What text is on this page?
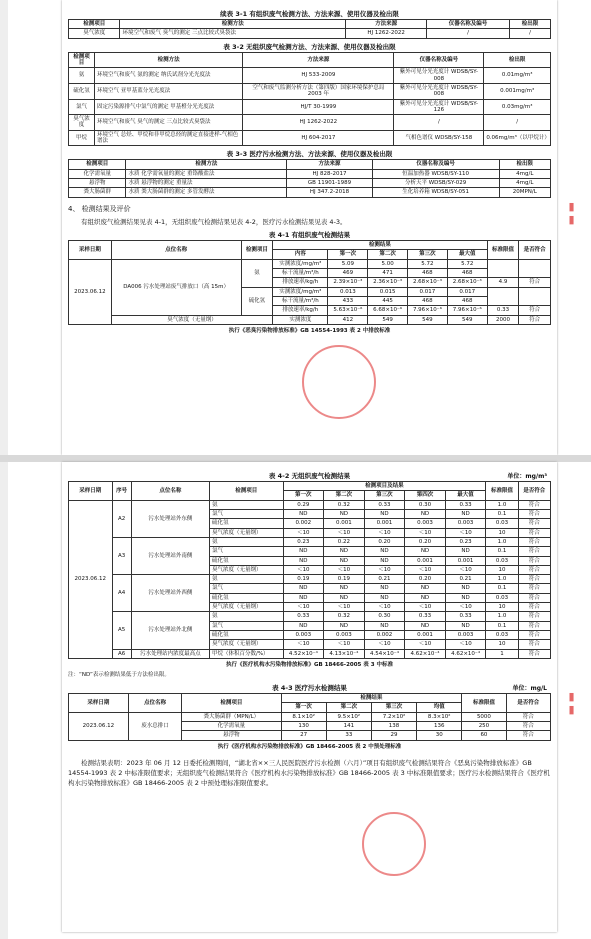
续表 3-1 有组织废气检测方法、方法来源、使用仪器及检出限
检测项目	检测方法	方法来源	仪器名称及编号	检出限
臭气浓度	环境空气和废气 臭气的测定 三点比较式臭袋法	HJ 1262-2022	/	/
表 3-2 无组织废气检测方法、方法来源、使用仪器及检出限
检测项目	检测方法	方法来源	仪器名称及编号	检出限
氨	环境空气和废气 氨的测定 纳氏试剂分光光度法	HJ 533-2009	紫外可见分光光度计 WDSB/SY-008	0.01mg/m³
硫化氢	环境空气 亚甲基蓝分光光度法	空气和废气监测分析方法（第四版）国家环境保护总局 2003 年	紫外可见分光光度计 WDSB/SY-008	0.001mg/m³
氯气	固定污染源排气中氯气的测定 甲基橙分光光度法	HJ/T 30-1999	紫外可见分光光度计 WDSB/SY-126	0.03mg/m³
臭气浓度	环境空气和废气 臭气的测定 三点比较式臭袋法	HJ 1262-2022	/	/
甲烷	环境空气 总烃、甲烷和非甲烷总烃的测定直接进样-气相色谱法	HJ 604-2017	气相色谱仪 WDSB/SY-158	0.06mg/m³（以甲烷计）
表 3-3 医疗污水检测方法、方法来源、使用仪器及检出限
检测项目	检测方法	方法来源	仪器名称及编号	检出限
化学需氧量	水质 化学需氧量的测定 重铬酸盐法	HJ 828-2017	恒温加热器 WDSB/SY-110	4mg/L
悬浮物	水质 悬浮物的测定 重量法	GB 11901-1989	分析天平 WDSB/SY-029	4mg/L
粪大肠菌群	水质 粪大肠菌群的测定 多管发酵法	HJ 347.2-2018	生化培养箱 WDSB/SY-051	20MPN/L
4、 检测结果及评价
有组织废气检测结果见表 4-1，无组织废气检测结果见表 4-2，医疗污水检测结果见表 4-3。
表 4-1 有组织废气检测结果
采样日期	点位名称	检测项目	检测结果					标准限值	是否符合
			内容	第一次	第二次	第三次	最大值		
2023.06.12	DA006 污水处理站废气排放口（高 15m）	氨	实测浓度/mg/m³	5.09	5.00	5.72	5.72		
			标干流量/m³/h	469	471	468	468		
			排放速率/kg/h	2.39×10⁻³	2.36×10⁻³	2.68×10⁻³	2.68×10⁻³	4.9	符合
		硫化氢	实测浓度/mg/m³	0.013	0.015	0.017	0.017		
			标干流量/m³/h	433	445	468	468		
			排放速率/kg/h	5.63×10⁻⁶	6.68×10⁻⁶	7.96×10⁻⁶	7.96×10⁻⁶	0.33	符合
	臭气浓度（无量纲）		实测浓度	412	549	549	549	2000	符合
执行《恶臭污染物排放标准》GB 14554-1993 表 2 中排放标准
表 4-2 无组织废气检测结果	单位：mg/m³
采样日期	序号	点位名称	检测项目	检测项目及结果					标准限值	是否符合
				第一次	第二次	第三次	第四次	最大值		
2023.06.12	A2	污水处理站外东侧	氨	0.29	0.32	0.33	0.30	0.33	1.0	符合
			氯气	ND	ND	ND	ND	ND	0.1	符合
			硫化氢	0.002	0.001	0.001	0.003	0.003	0.03	符合
			臭气浓度（无量纲）	＜10	＜10	＜10	＜10	＜10	10	符合
	A3	污水处理站外南侧	氨	0.23	0.22	0.20	0.20	0.23	1.0	符合
			氯气	ND	ND	ND	ND	ND	0.1	符合
			硫化氢	ND	ND	ND	0.001	0.001	0.03	符合
			臭气浓度（无量纲）	＜10	＜10	＜10	＜10	＜10	10	符合
	A4	污水处理站外西侧	氨	0.19	0.19	0.21	0.20	0.21	1.0	符合
			氯气	ND	ND	ND	ND	ND	0.1	符合
			硫化氢	ND	ND	ND	ND	ND	0.03	符合
			臭气浓度（无量纲）	＜10	＜10	＜10	＜10	＜10	10	符合
	A5	污水处理站外北侧	氨	0.33	0.32	0.30	0.33	0.33	1.0	符合
			氯气	ND	ND	ND	ND	ND	0.1	符合
			硫化氢	0.003	0.003	0.002	0.001	0.003	0.03	符合
			臭气浓度（无量纲）	＜10	＜10	＜10	＜10	＜10	10	符合
	A6	污水处理站内浓度最高点	甲烷（体积百分数/%）	4.52×10⁻⁴	4.13×10⁻⁴	4.54×10⁻⁴	4.62×10⁻⁴	4.62×10⁻⁴	1	符合
执行《医疗机构水污染物排放标准》GB 18466-2005 表 3 中标准
注：“ND”表示检测结果低于方法检出限。
表 4-3 医疗污水检测结果	单位：mg/L
采样日期	点位名称	检测项目	检测结果				标准限值	是否符合
			第一次	第二次	第三次	均值		
2023.06.12	废水总排口	粪大肠菌群（MPN/L）	8.1×10²	9.5×10²	7.2×10²	8.3×10²	5000	符合
		化学需氧量	130	141	138	136	250	符合
		悬浮物	27	33	29	30	60	符合
执行《医疗机构水污染物排放标准》GB 18466-2005 表 2 中预处理标准
检测结果表明：2023 年 06 月 12 日委托检测期间，“湖北省××三人民医院医疗污水检测（六月）”项目有组织废气检测结果符合《恶臭污染物排放标准》GB 14554-1993 表 2 中标准限值要求；无组织废气检测结果符合《医疗机构水污染物排放标准》GB 18466-2005 表 3 中标准限值要求；医疗污水检测结果符合《医疗机构水污染物排放标准》GB 18466-2005 表 2 中预处理标准限值要求。
▮▮
▮▮
